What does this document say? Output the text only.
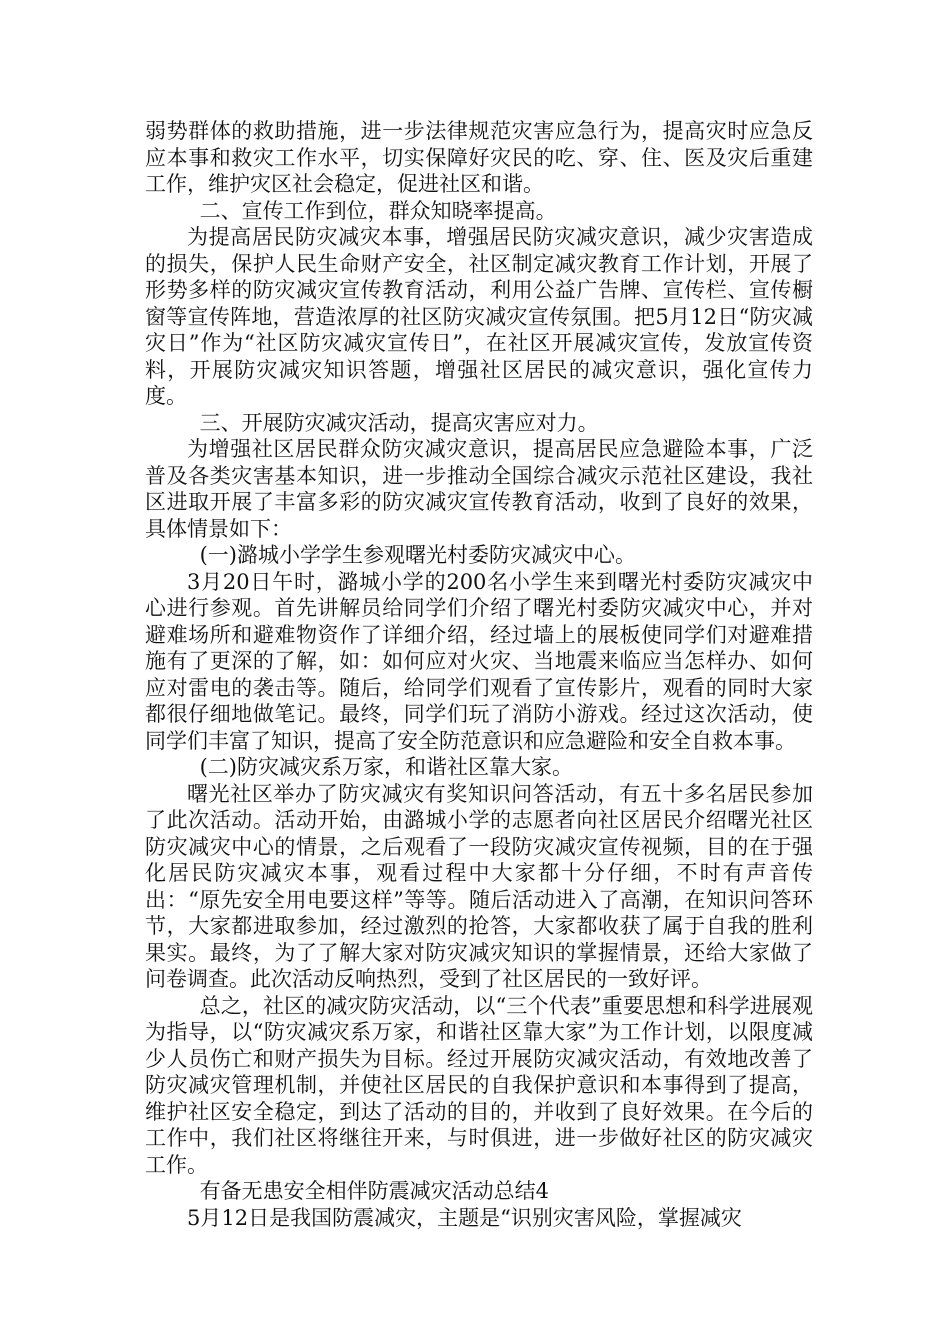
弱势群体的救助措施，进一步法律规范灾害应急行为，提高灾时应急反应本事和救灾工作水平，切实保障好灾民的吃、穿、住、医及灾后重建工作，维护灾区社会稳定，促进社区和谐。

二、宣传工作到位，群众知晓率提高。

为提高居民防灾减灾本事，增强居民防灾减灾意识，减少灾害造成的损失，保护人民生命财产安全，社区制定减灾教育工作计划，开展了形势多样的防灾减灾宣传教育活动，利用公益广告牌、宣传栏、宣传橱窗等宣传阵地，营造浓厚的社区防灾减灾宣传氛围。把5月12日“防灾减灾日”作为“社区防灾减灾宣传日”，在社区开展减灾宣传，发放宣传资料，开展防灾减灾知识答题，增强社区居民的减灾意识，强化宣传力度。

三、开展防灾减灾活动，提高灾害应对力。

为增强社区居民群众防灾减灾意识，提高居民应急避险本事，广泛普及各类灾害基本知识，进一步推动全国综合减灾示范社区建设，我社区进取开展了丰富多彩的防灾减灾宣传教育活动，收到了良好的效果，具体情景如下：

(一)潞城小学学生参观曙光村委防灾减灾中心。

3月20日午时，潞城小学的200名小学生来到曙光村委防灾减灾中心进行参观。首先讲解员给同学们介绍了曙光村委防灾减灾中心，并对避难场所和避难物资作了详细介绍，经过墙上的展板使同学们对避难措施有了更深的了解，如：如何应对火灾、当地震来临应当怎样办、如何应对雷电的袭击等。随后，给同学们观看了宣传影片，观看的同时大家都很仔细地做笔记。最终，同学们玩了消防小游戏。经过这次活动，使同学们丰富了知识，提高了安全防范意识和应急避险和安全自救本事。

(二)防灾减灾系万家，和谐社区靠大家。

曙光社区举办了防灾减灾有奖知识问答活动，有五十多名居民参加了此次活动。活动开始，由潞城小学的志愿者向社区居民介绍曙光社区防灾减灾中心的情景，之后观看了一段防灾减灾宣传视频，目的在于强化居民防灾减灾本事，观看过程中大家都十分仔细，不时有声音传出：“原先安全用电要这样”等等。随后活动进入了高潮，在知识问答环节，大家都进取参加，经过激烈的抢答，大家都收获了属于自我的胜利果实。最终，为了了解大家对防灾减灾知识的掌握情景，还给大家做了问卷调查。此次活动反响热烈，受到了社区居民的一致好评。

总之，社区的减灾防灾活动，以“三个代表”重要思想和科学进展观为指导，以“防灾减灾系万家，和谐社区靠大家”为工作计划，以限度减少人员伤亡和财产损失为目标。经过开展防灾减灾活动，有效地改善了防灾减灾管理机制，并使社区居民的自我保护意识和本事得到了提高，维护社区安全稳定，到达了活动的目的，并收到了良好效果。在今后的工作中，我们社区将继往开来，与时俱进，进一步做好社区的防灾减灾工作。

有备无患安全相伴防震减灾活动总结4

5月12日是我国防震减灾，主题是“识别灾害风险，掌握减灾
